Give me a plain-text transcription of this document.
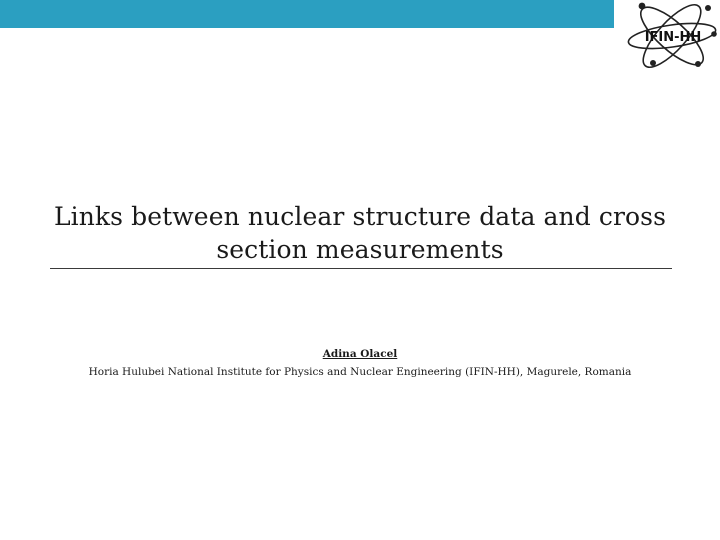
IFIN-HH
Links between nuclear structure data and cross section measurements
Adina Olacel
Horia Hulubei National Institute for Physics and Nuclear Engineering (IFIN-HH), Magurele, Romania
